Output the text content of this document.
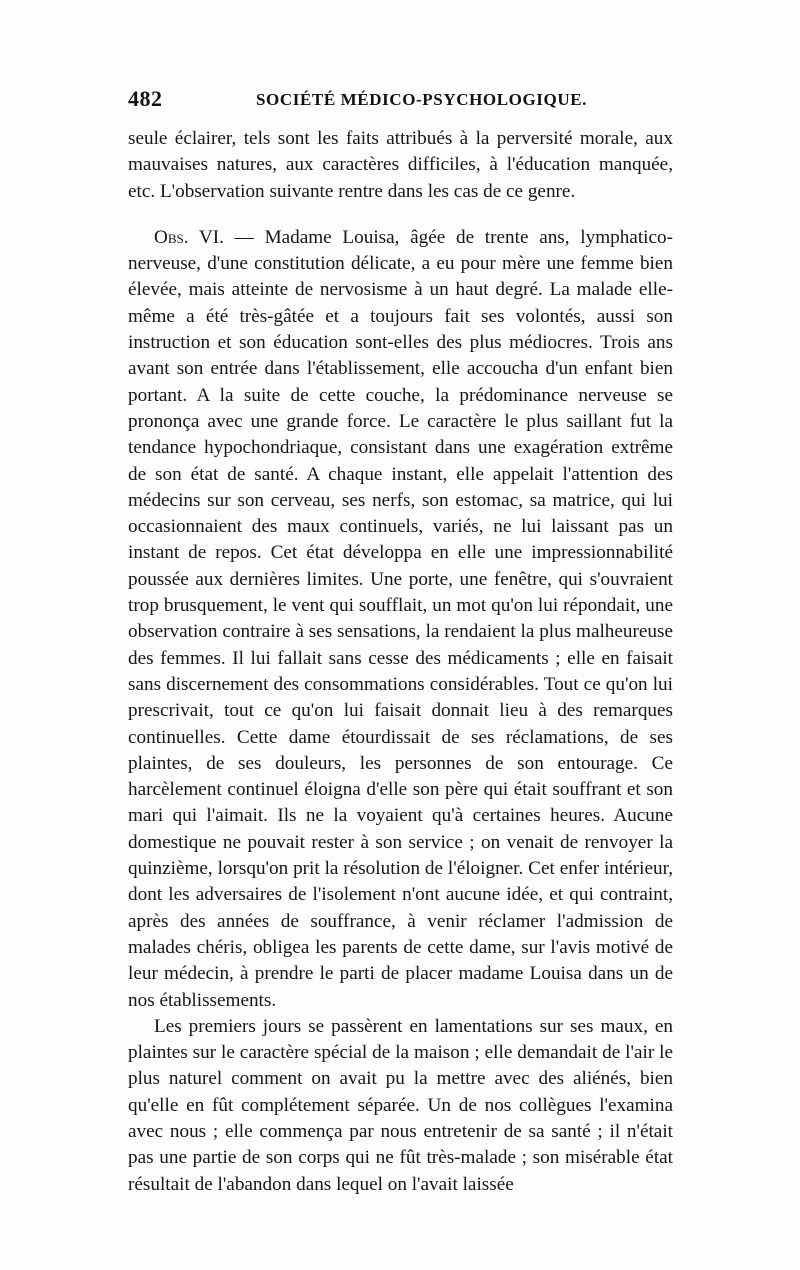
482	SOCIÉTÉ MÉDICO-PSYCHOLOGIQUE.

seule éclairer, tels sont les faits attribués à la perversité morale, aux mauvaises natures, aux caractères difficiles, à l'éducation manquée, etc. L'observation suivante rentre dans les cas de ce genre.

Obs. VI. — Madame Louisa, âgée de trente ans, lymphatico-nerveuse, d'une constitution délicate, a eu pour mère une femme bien élevée, mais atteinte de nervosisme à un haut degré. La malade elle-même a été très-gâtée et a toujours fait ses volontés, aussi son instruction et son éducation sont-elles des plus médiocres. Trois ans avant son entrée dans l'établissement, elle accoucha d'un enfant bien portant. A la suite de cette couche, la prédominance nerveuse se prononça avec une grande force. Le caractère le plus saillant fut la tendance hypochondriaque, consistant dans une exagération extrême de son état de santé. A chaque instant, elle appelait l'attention des médecins sur son cerveau, ses nerfs, son estomac, sa matrice, qui lui occasionnaient des maux continuels, variés, ne lui laissant pas un instant de repos. Cet état développa en elle une impressionnabilité poussée aux dernières limites. Une porte, une fenêtre, qui s'ouvraient trop brusquement, le vent qui soufflait, un mot qu'on lui répondait, une observation contraire à ses sensations, la rendaient la plus malheureuse des femmes. Il lui fallait sans cesse des médicaments ; elle en faisait sans discernement des consommations considérables. Tout ce qu'on lui prescrivait, tout ce qu'on lui faisait donnait lieu à des remarques continuelles. Cette dame étourdissait de ses réclamations, de ses plaintes, de ses douleurs, les personnes de son entourage. Ce harcèlement continuel éloigna d'elle son père qui était souffrant et son mari qui l'aimait. Ils ne la voyaient qu'à certaines heures. Aucune domestique ne pouvait rester à son service ; on venait de renvoyer la quinzième, lorsqu'on prit la résolution de l'éloigner. Cet enfer intérieur, dont les adversaires de l'isolement n'ont aucune idée, et qui contraint, après des années de souffrance, à venir réclamer l'admission de malades chéris, obligea les parents de cette dame, sur l'avis motivé de leur médecin, à prendre le parti de placer madame Louisa dans un de nos établissements.

Les premiers jours se passèrent en lamentations sur ses maux, en plaintes sur le caractère spécial de la maison ; elle demandait de l'air le plus naturel comment on avait pu la mettre avec des aliénés, bien qu'elle en fût complétement séparée. Un de nos collègues l'examina avec nous ; elle commença par nous entretenir de sa santé ; il n'était pas une partie de son corps qui ne fût très-malade ; son misérable état résultait de l'abandon dans lequel on l'avait laissée
